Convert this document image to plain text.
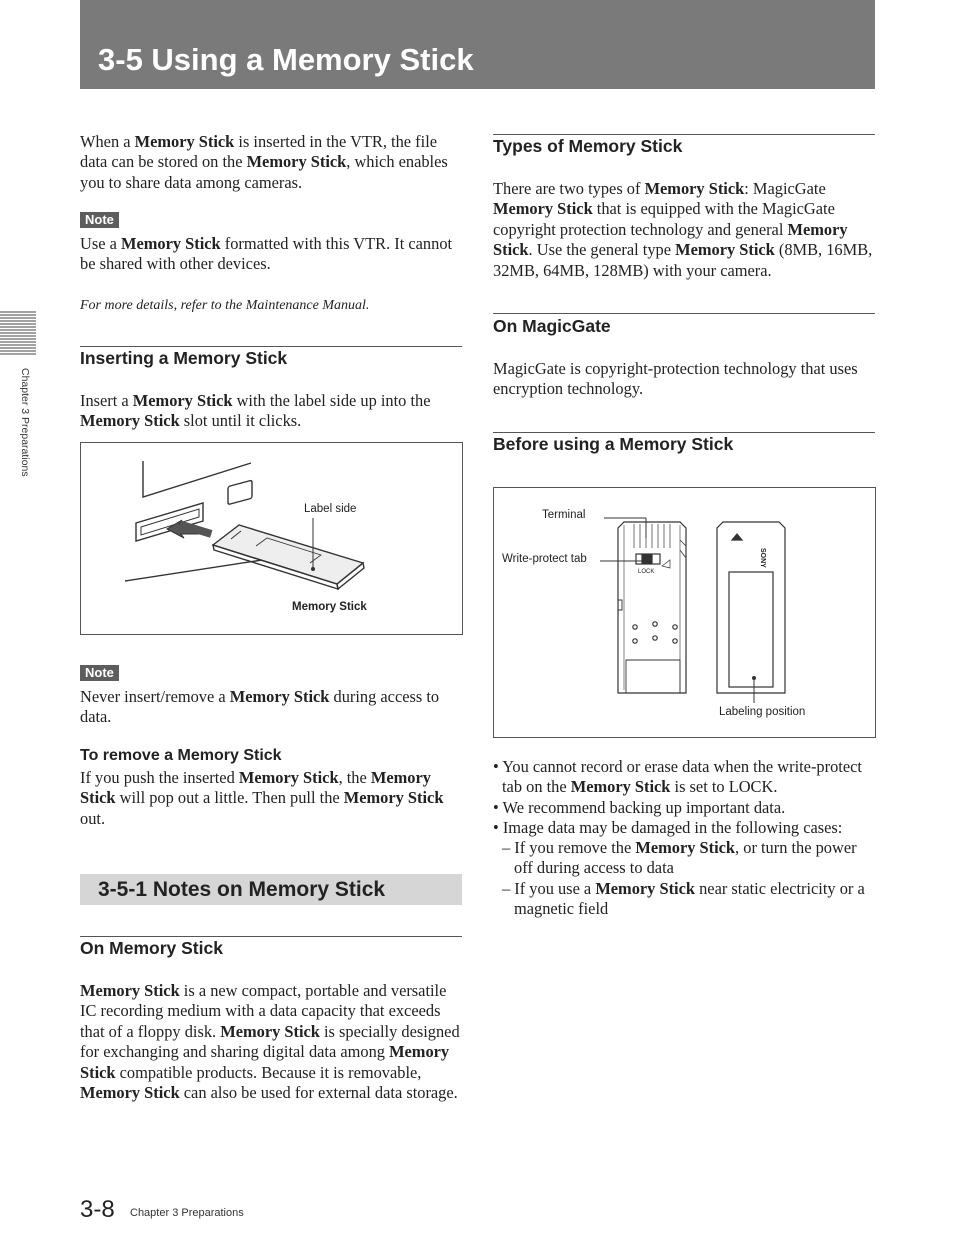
3-5 Using a Memory Stick
Chapter 3 Preparations

When a Memory Stick is inserted in the VTR, the file data can be stored on the Memory Stick, which enables you to share data among cameras.

Note

Use a Memory Stick formatted with this VTR. It cannot be shared with other devices.

For more details, refer to the Maintenance Manual.

Inserting a Memory Stick

Insert a Memory Stick with the label side up into the Memory Stick slot until it clicks.

Label side
Memory Stick
Note

Never insert/remove a Memory Stick during access to data.

To remove a Memory Stick

If you push the inserted Memory Stick, the Memory Stick will pop out a little. Then pull the Memory Stick out.

3-5-1 Notes on Memory Stick
On Memory Stick

Memory Stick is a new compact, portable and versatile IC recording medium with a data capacity that exceeds that of a floppy disk. Memory Stick is specially designed for exchanging and sharing digital data among Memory Stick compatible products. Because it is removable, Memory Stick can also be used for external data storage.

Types of Memory Stick

There are two types of Memory Stick: MagicGate Memory Stick that is equipped with the MagicGate copyright protection technology and general Memory Stick. Use the general type Memory Stick (8MB, 16MB, 32MB, 64MB, 128MB) with your camera.

On MagicGate

MagicGate is copyright-protection technology that uses encryption technology.

Before using a Memory Stick
Terminal
Write-protect tab
LOCK
SONY
Labeling position

• You cannot record or erase data when the write-protect tab on the Memory Stick is set to LOCK.

• We recommend backing up important data.

• Image data may be damaged in the following cases:

– If you remove the Memory Stick, or turn the power off during access to data

– If you use a Memory Stick near static electricity or a magnetic field

3-8 Chapter 3 Preparations
